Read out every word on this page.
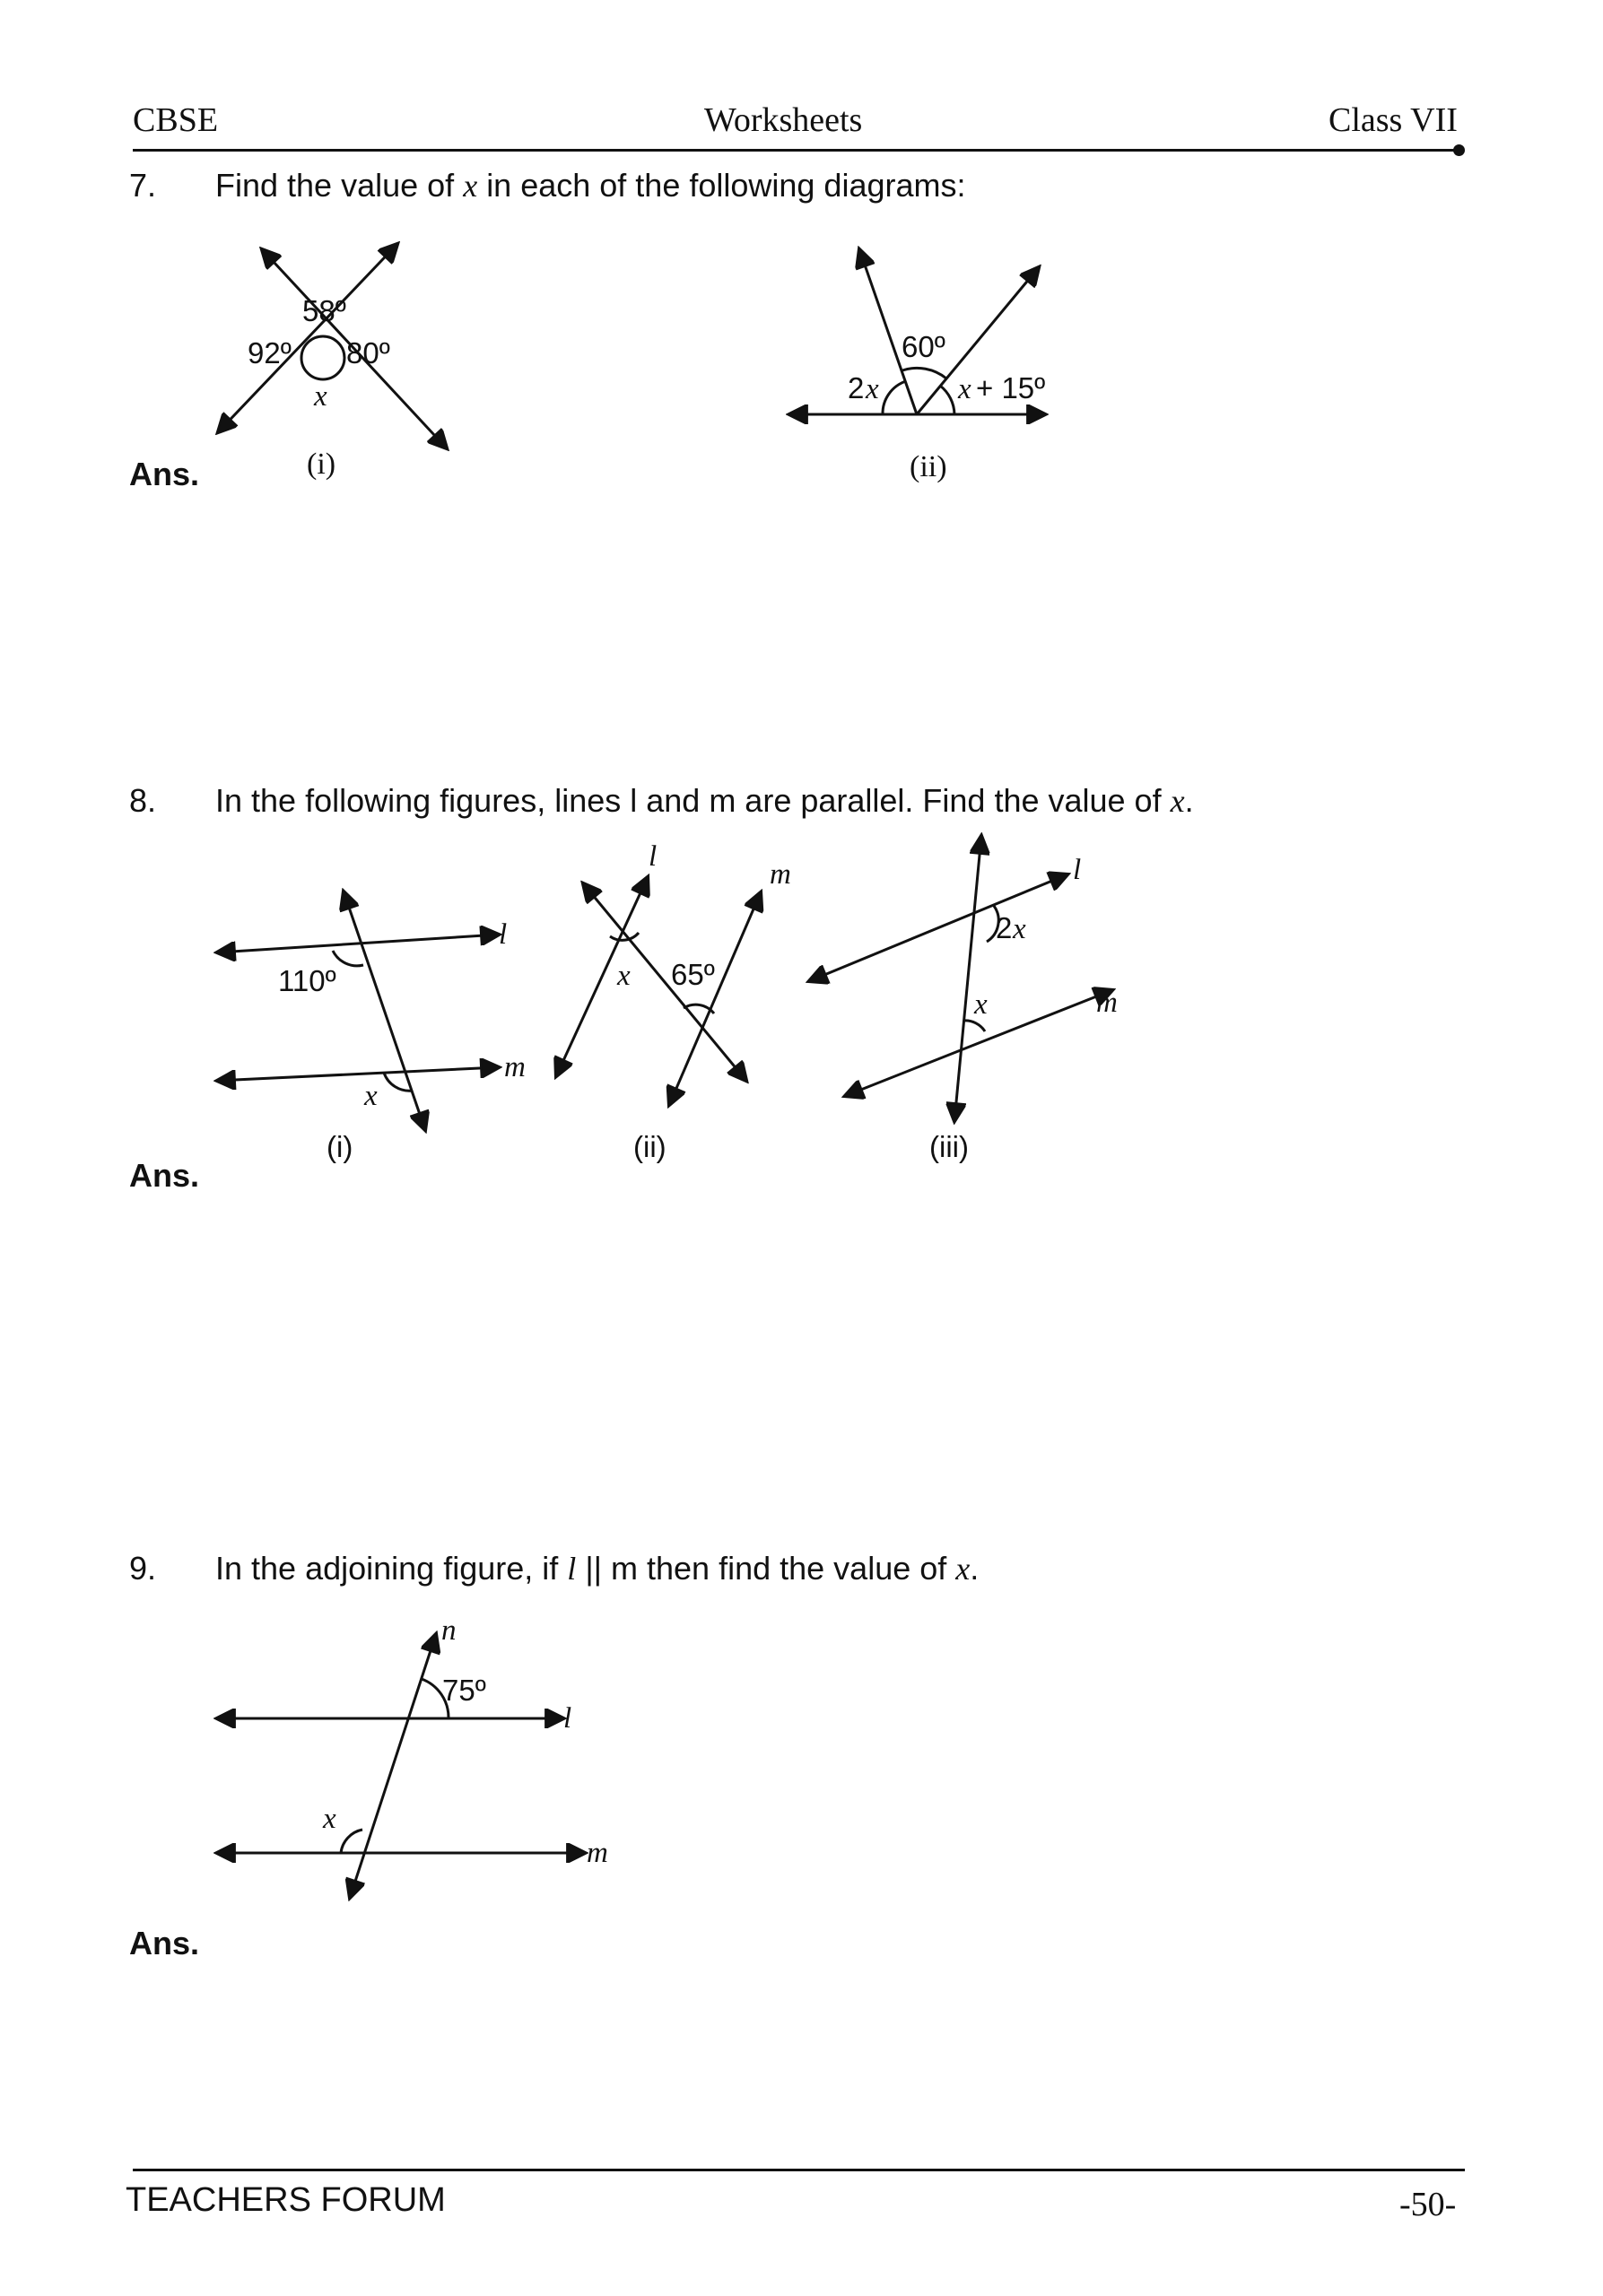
CBSE	Worksheets	Class VII
7. Find the value of x in each of the following diagrams:
Ans.
8. In the following figures, lines l and m are parallel. Find the value of x.
Ans.
9. In the adjoining figure, if l || m then find the value of x.
Ans.
TEACHERS FORUM	-50-
58º
92º 80º
x
(i)
60º
2 x	x + 15º
(ii)
110º
l
m
x
(i)
l
m
x 65º
(ii)
l
2 x
x	m
(iii)
n
75º
l
x
m
